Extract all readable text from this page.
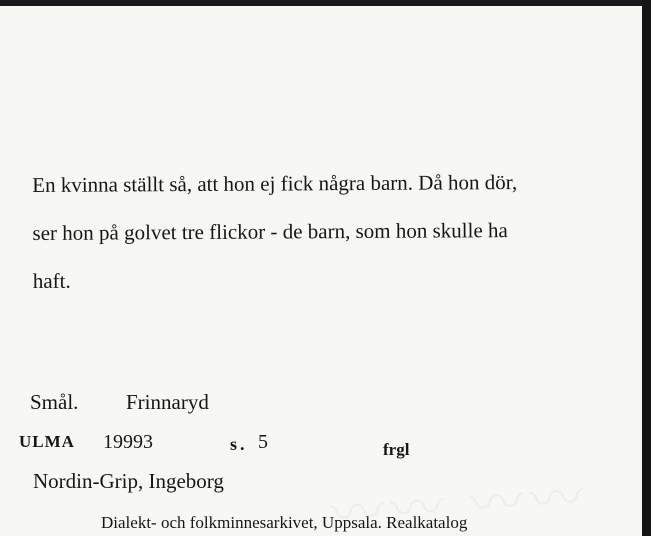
En kvinna ställt så, att hon ej fick några barn. Då hon dör,

ser hon på golvet tre flickor - de barn, som hon skulle ha

haft.

Smål. Frinnaryd
ULMA 19993	s. 5	frgl
Nordin-Grip, Ingeborg
Dialekt- och folkminnesarkivet, Uppsala. Realkatalog
